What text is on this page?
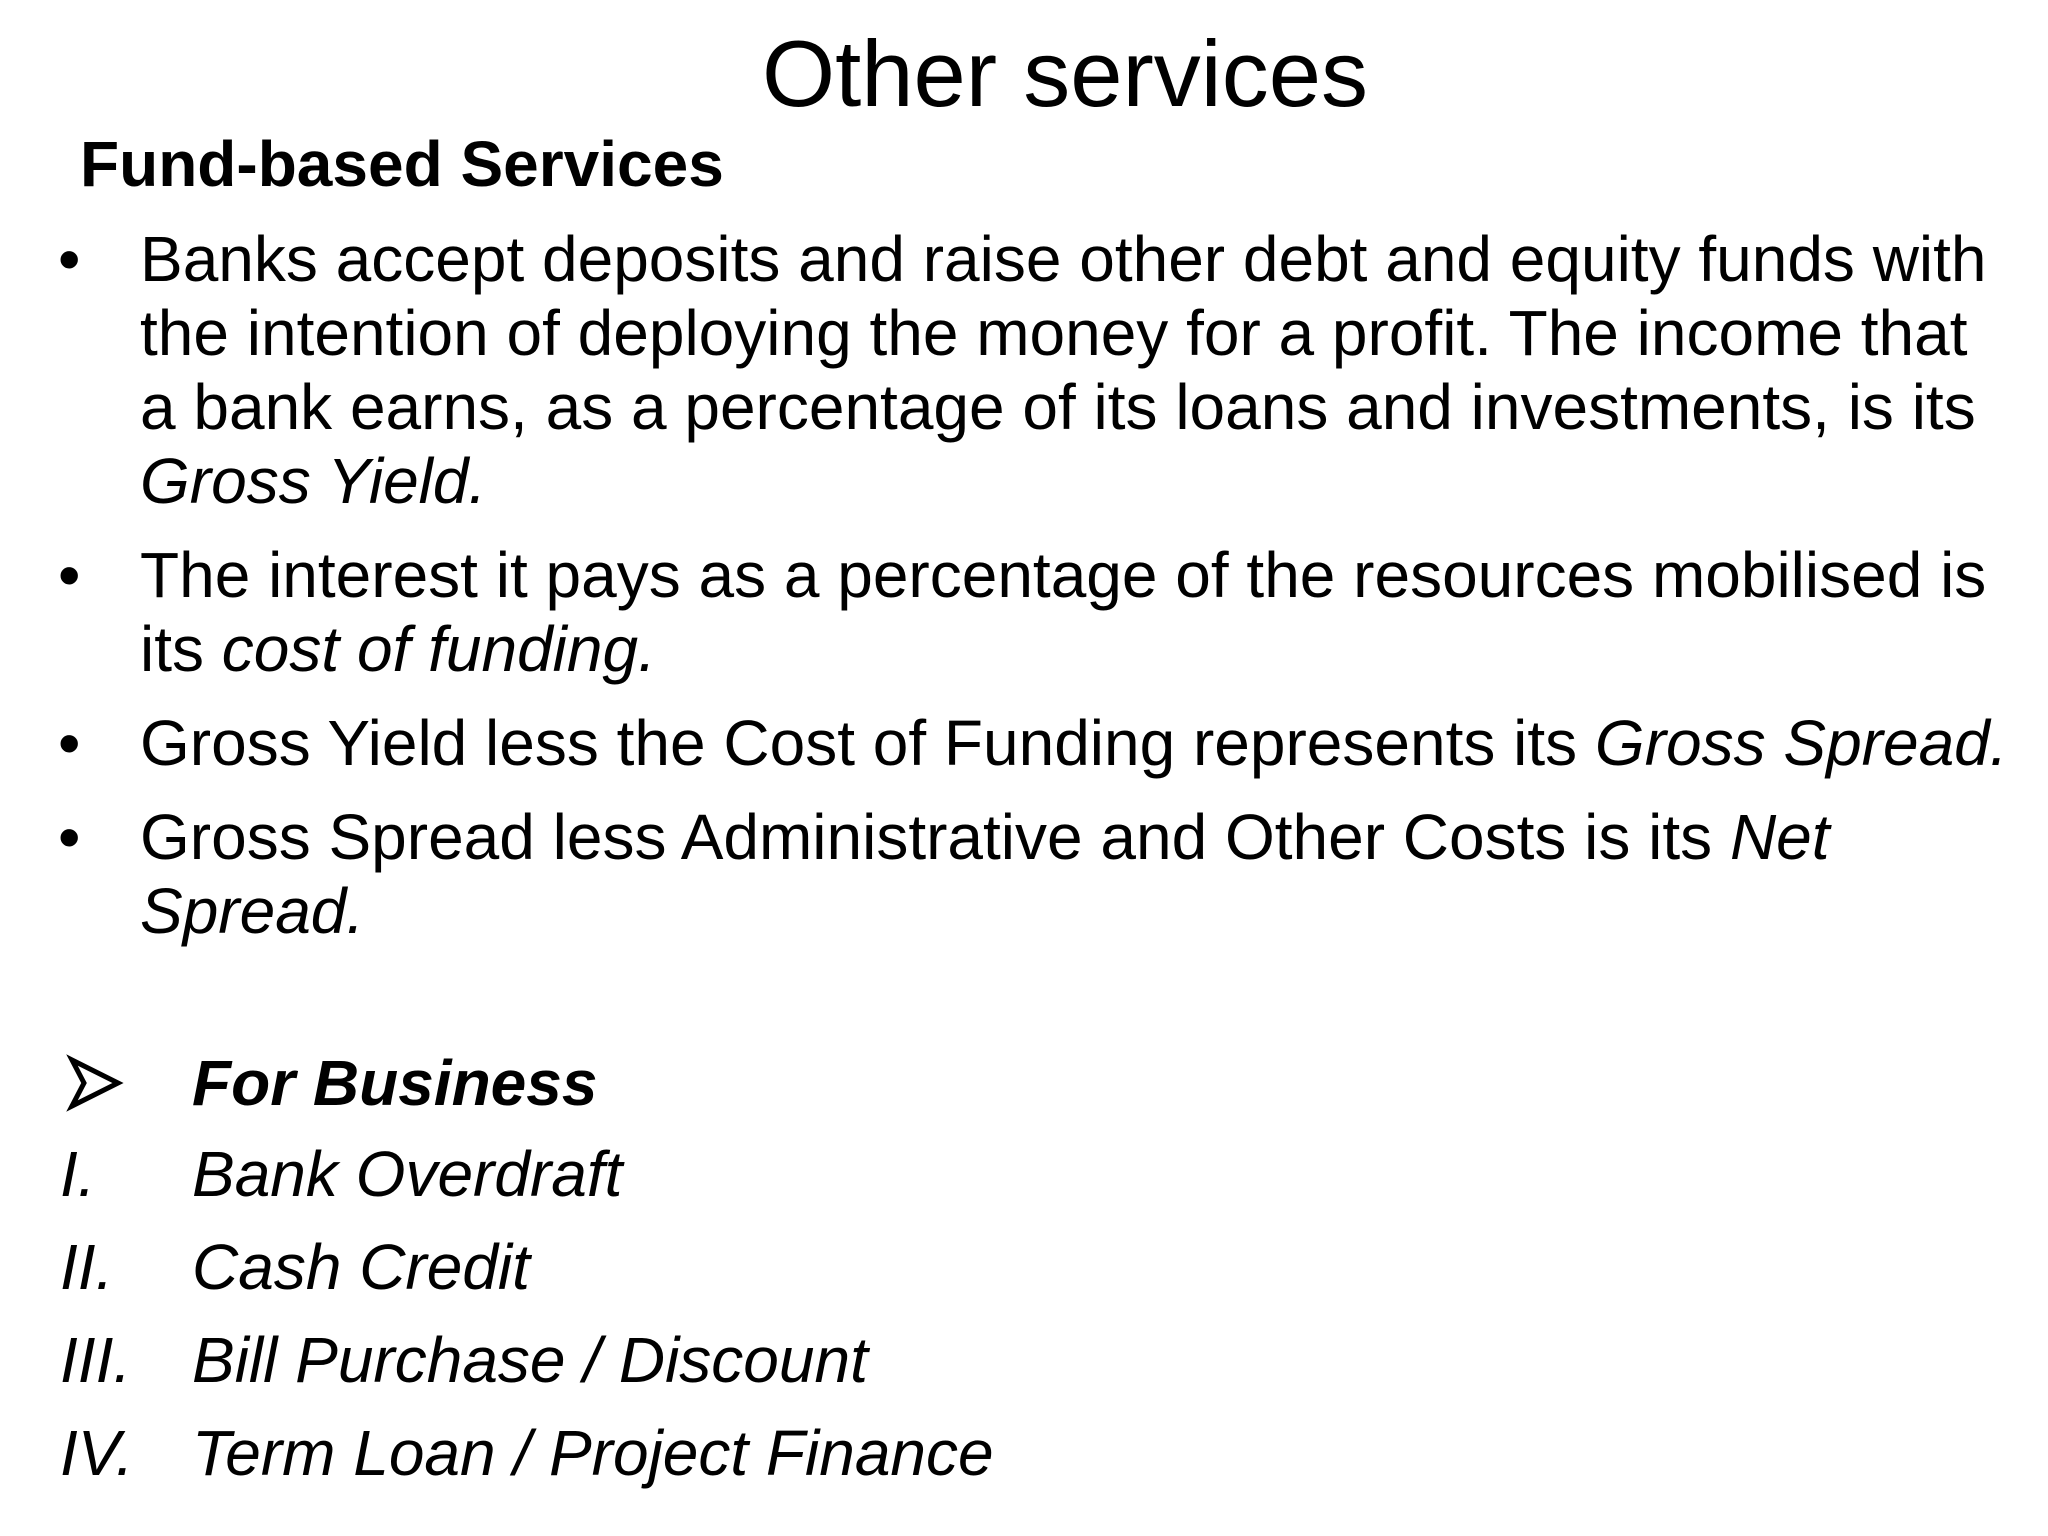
Other services
Fund-based Services
• Banks accept deposits and raise other debt and equity funds with the intention of deploying the money for a profit. The income that a bank earns, as a percentage of its loans and investments, is its Gross Yield.
• The interest it pays as a percentage of the resources mobilised is its cost of funding.
• Gross Yield less the Cost of Funding represents its Gross Spread.
• Gross Spread less Administrative and Other Costs is its Net Spread.
For Business
I. Bank Overdraft
II. Cash Credit
III. Bill Purchase / Discount
IV. Term Loan / Project Finance
